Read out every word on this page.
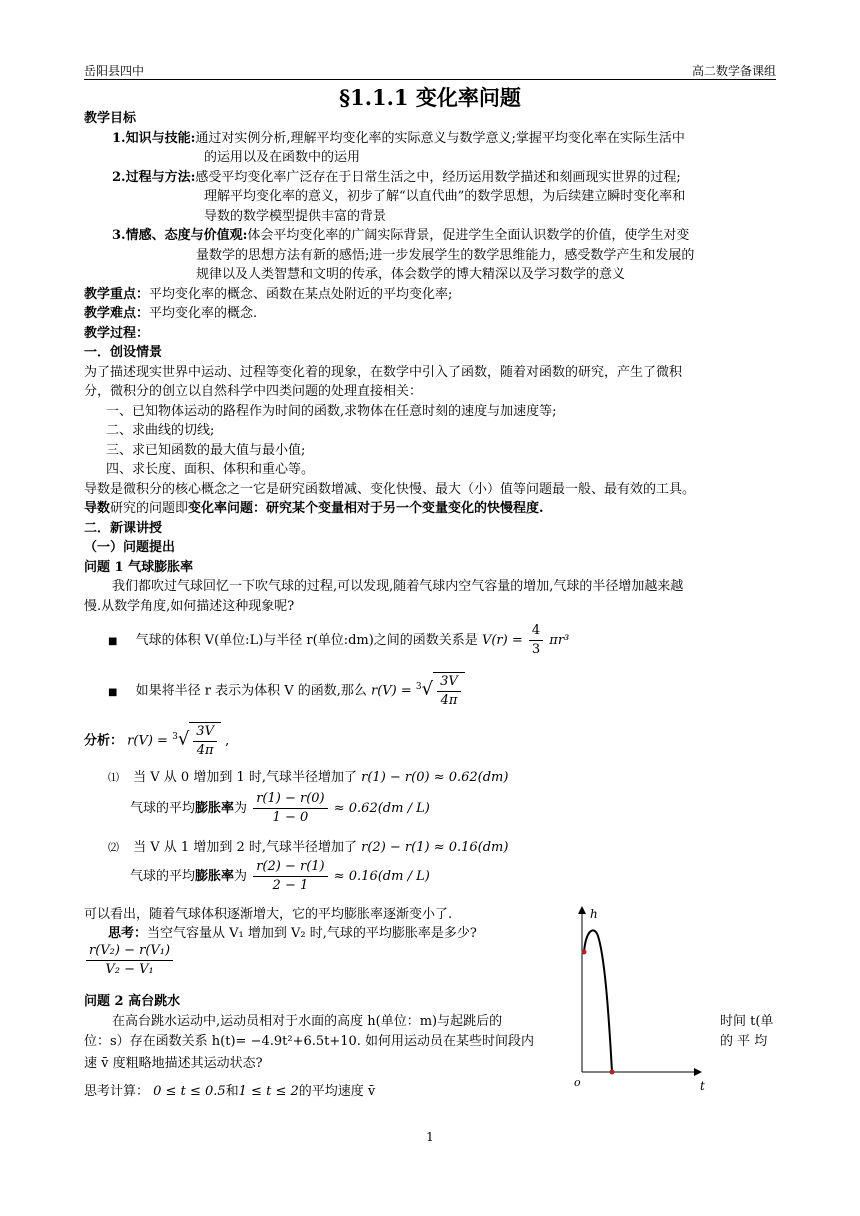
岳阳县四中	高二数学备课组
§1.1.1 变化率问题
教学目标
1.知识与技能:通过对实例分析,理解平均变化率的实际意义与数学意义;掌握平均变化率在实际生活中
的运用以及在函数中的运用
2.过程与方法:感受平均变化率广泛存在于日常生活之中，经历运用数学描述和刻画现实世界的过程;
理解平均变化率的意义，初步了解“以直代曲”的数学思想，为后续建立瞬时变化率和
导数的数学模型提供丰富的背景
3.情感、态度与价值观:体会平均变化率的广阔实际背景，促进学生全面认识数学的价值，使学生对变
量数学的思想方法有新的感悟;进一步发展学生的数学思维能力，感受数学产生和发展的
规律以及人类智慧和文明的传承，体会数学的博大精深以及学习数学的意义
教学重点：平均变化率的概念、函数在某点处附近的平均变化率;
教学难点：平均变化率的概念.
教学过程：
一．创设情景
为了描述现实世界中运动、过程等变化着的现象，在数学中引入了函数，随着对函数的研究，产生了微积
分，微积分的创立以自然科学中四类问题的处理直接相关：
一、已知物体运动的路程作为时间的函数,求物体在任意时刻的速度与加速度等;
二、求曲线的切线;
三、求已知函数的最大值与最小值;
四、求长度、面积、体积和重心等。
导数是微积分的核心概念之一它是研究函数增减、变化快慢、最大（小）值等问题最一般、最有效的工具。
导数研究的问题即变化率问题：研究某个变量相对于另一个变量变化的快慢程度.
二．新课讲授
（一）问题提出
问题 1 气球膨胀率
我们都吹过气球回忆一下吹气球的过程,可以发现,随着气球内空气容量的增加,气球的半径增加越来越
慢.从数学角度,如何描述这种现象呢?
■ 气球的体积 V(单位:L)与半径 r(单位:dm)之间的函数关系是 $V(r) = \frac{4}{3} \pi r^3$
■ 如果将半径 r 表示为体积 V 的函数,那么 $r(V) = ^3√ \frac{3V}{4\pi}$
分析： $r(V) = ^3√ \frac{3V}{4\pi}$ ,
⑴ 当 V 从 0 增加到 1 时,气球半径增加了 r(1) − r(0) ≈ 0.62(dm)
气球的平均膨胀率为 $\frac{r(1) - r(0)}{1 - 0} \approx 0.62(dm / L)$
⑵ 当 V 从 1 增加到 2 时,气球半径增加了 r(2) − r(1) ≈ 0.16(dm)
气球的平均膨胀率为 $\frac{r(2) - r(1)}{2 - 1} \approx 0.16(dm / L)$
可以看出，随着气球体积逐渐增大，它的平均膨胀率逐渐变小了.
思考：当空气容量从 V₁ 增加到 V₂ 时,气球的平均膨胀率是多少?
$\frac{\text{r(V₂) − r(V₁)}}{\text{V₂ − V₁}}$
问题 2 高台跳水
在高台跳水运动中,运动员相对于水面的高度 h(单位：m)与起跳后的	时间 t(单
位：s）存在函数关系 h(t)= −4.9t²+6.5t+10. 如何用运动员在某些时间段内	的 平 均
速 v̄ 度粗略地描述其运动状态?
思考计算： 0 ≤ t ≤ 0.5和1 ≤ t ≤ 2的平均速度 v̄
h
t
o
1
